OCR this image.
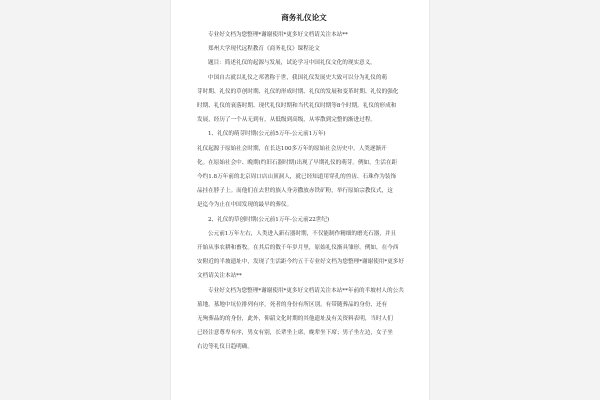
商务礼仪论文
专业好文档为您整理*谢谢使用*更多好文档请关注本站**
郑州大学现代远程教育《商务礼仪》课程论文
题目：简述礼仪的起源与发展，试论学习中国礼仪文化的现实意义。
中国自古就以礼仪之邦著称于世，我国礼仪发展史大致可以分为礼仪的萌
芽时期、礼仪的草创时期、礼仪的形成时期、礼仪的发展和变革时期、礼仪的强化
时期、礼仪的衰落时期、现代礼仪时期和当代礼仪时期等8个时期。礼仪的形成和
发展，经历了一个从无到有，从低级到高级，从零散到完整的渐进过程。
1、礼仪的萌芽时期(公元前5万年-公元前1万年)
礼仪起源于原始社会时期，在长达100多万年的原始社会历史中，人类逐渐开
化。在原始社会中、晚期(约旧石器时期)出现了早期礼仪的萌芽。例如，生活在距
今约1.8万年前的北京周口店山顶洞人，就已经知道用穿孔的兽齿、石珠作为装饰
品挂在脖子上。而他们在去世的族人身旁撒放赤铁矿粉，举行原始宗教仪式，这
是迄今为止在中国发现的最早的葬仪。
2、礼仪的草创时期(公元前1万年-公元前22世纪)
公元前1万年左右，人类进入新石器时期，不仅能制作精细的磨光石器，并且
开始从事农耕和畜牧。在其后的数千年岁月里，原始礼仪渐具雏形。例如，在今西
安附近的半坡遗址中，发现了生活距今约五千专业好文档为您整理*谢谢使用*更多好
文档请关注本站**
专业好文档为您整理*谢谢使用*更多好文档请关注本站**年前的半坡村人的公共
墓地。墓地中坑位排列有序，死者的身份有所区别，有带随葬品的身份，还有
无殉葬品的的身份，此外，仰韶文化时期的其他遗址及有关资料表明，当时人们
已经注意尊卑有序，男女有别，长辈坐上席，晚辈坐下席；男子坐左边，女子坐
右边等礼仪日趋明确。
